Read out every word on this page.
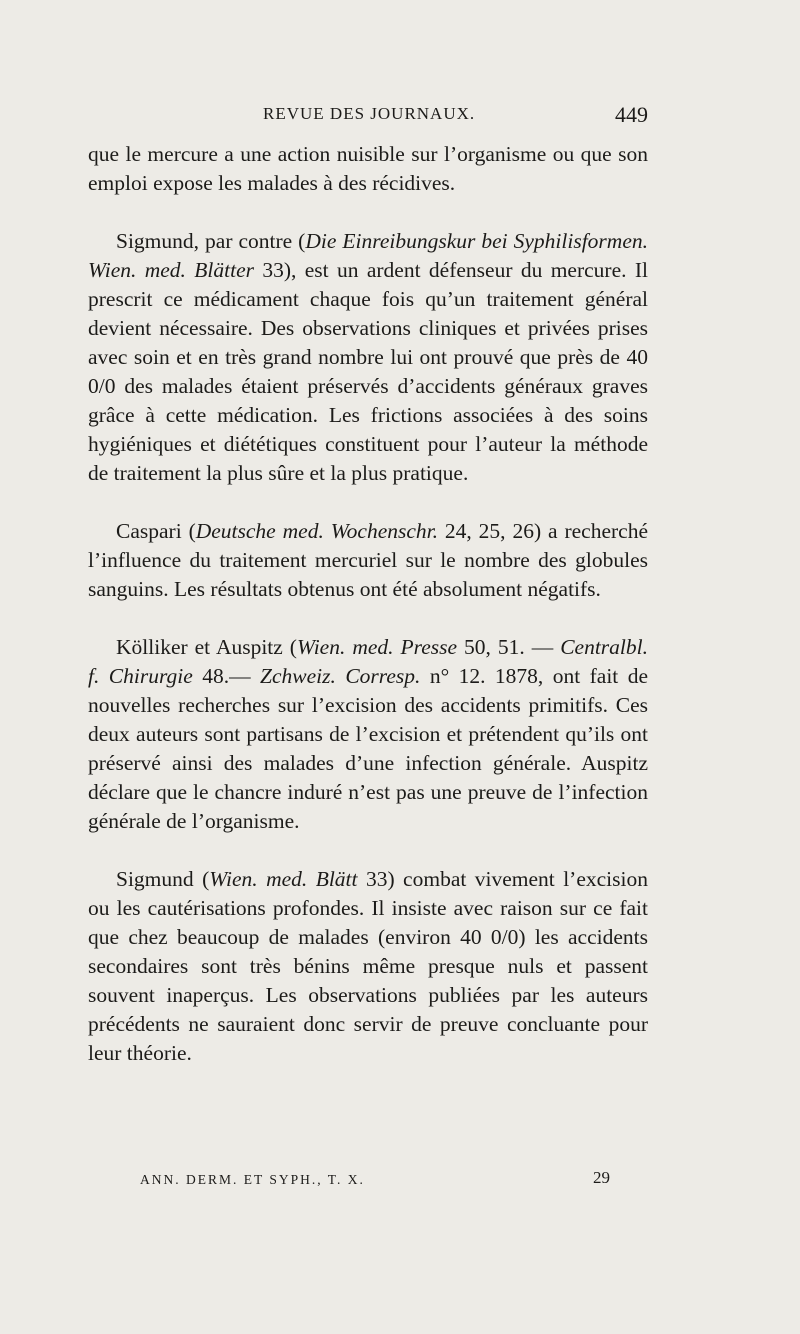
REVUE DES JOURNAUX.	449

que le mercure a une action nuisible sur l’organisme ou que son emploi expose les malades à des récidives.

Sigmund, par contre (Die Einreibungskur bei Syphilisformen. Wien. med. Blätter 33), est un ardent défenseur du mercure. Il prescrit ce médicament chaque fois qu’un traitement général devient nécessaire. Des observations cliniques et privées prises avec soin et en très grand nombre lui ont prouvé que près de 40 0/0 des malades étaient préservés d’accidents généraux graves grâce à cette médication. Les frictions associées à des soins hygiéniques et diététiques constituent pour l’auteur la méthode de traitement la plus sûre et la plus pratique.

Caspari (Deutsche med. Wochenschr. 24, 25, 26) a recherché l’influence du traitement mercuriel sur le nombre des globules sanguins. Les résultats obtenus ont été absolument négatifs.

Kölliker et Auspitz (Wien. med. Presse 50, 51. — Centralbl. f. Chirurgie 48.— Zchweiz. Corresp. n° 12. 1878, ont fait de nouvelles recherches sur l’excision des accidents primitifs. Ces deux auteurs sont partisans de l’excision et prétendent qu’ils ont préservé ainsi des malades d’une infection générale. Auspitz déclare que le chancre induré n’est pas une preuve de l’infection générale de l’organisme.

Sigmund (Wien. med. Blätt 33) combat vivement l’excision ou les cautérisations profondes. Il insiste avec raison sur ce fait que chez beaucoup de malades (environ 40 0/0) les accidents secondaires sont très bénins même presque nuls et passent souvent inaperçus. Les observations publiées par les auteurs précédents ne sauraient donc servir de preuve concluante pour leur théorie.

ANN. DERM. ET SYPH., T. X.	29
